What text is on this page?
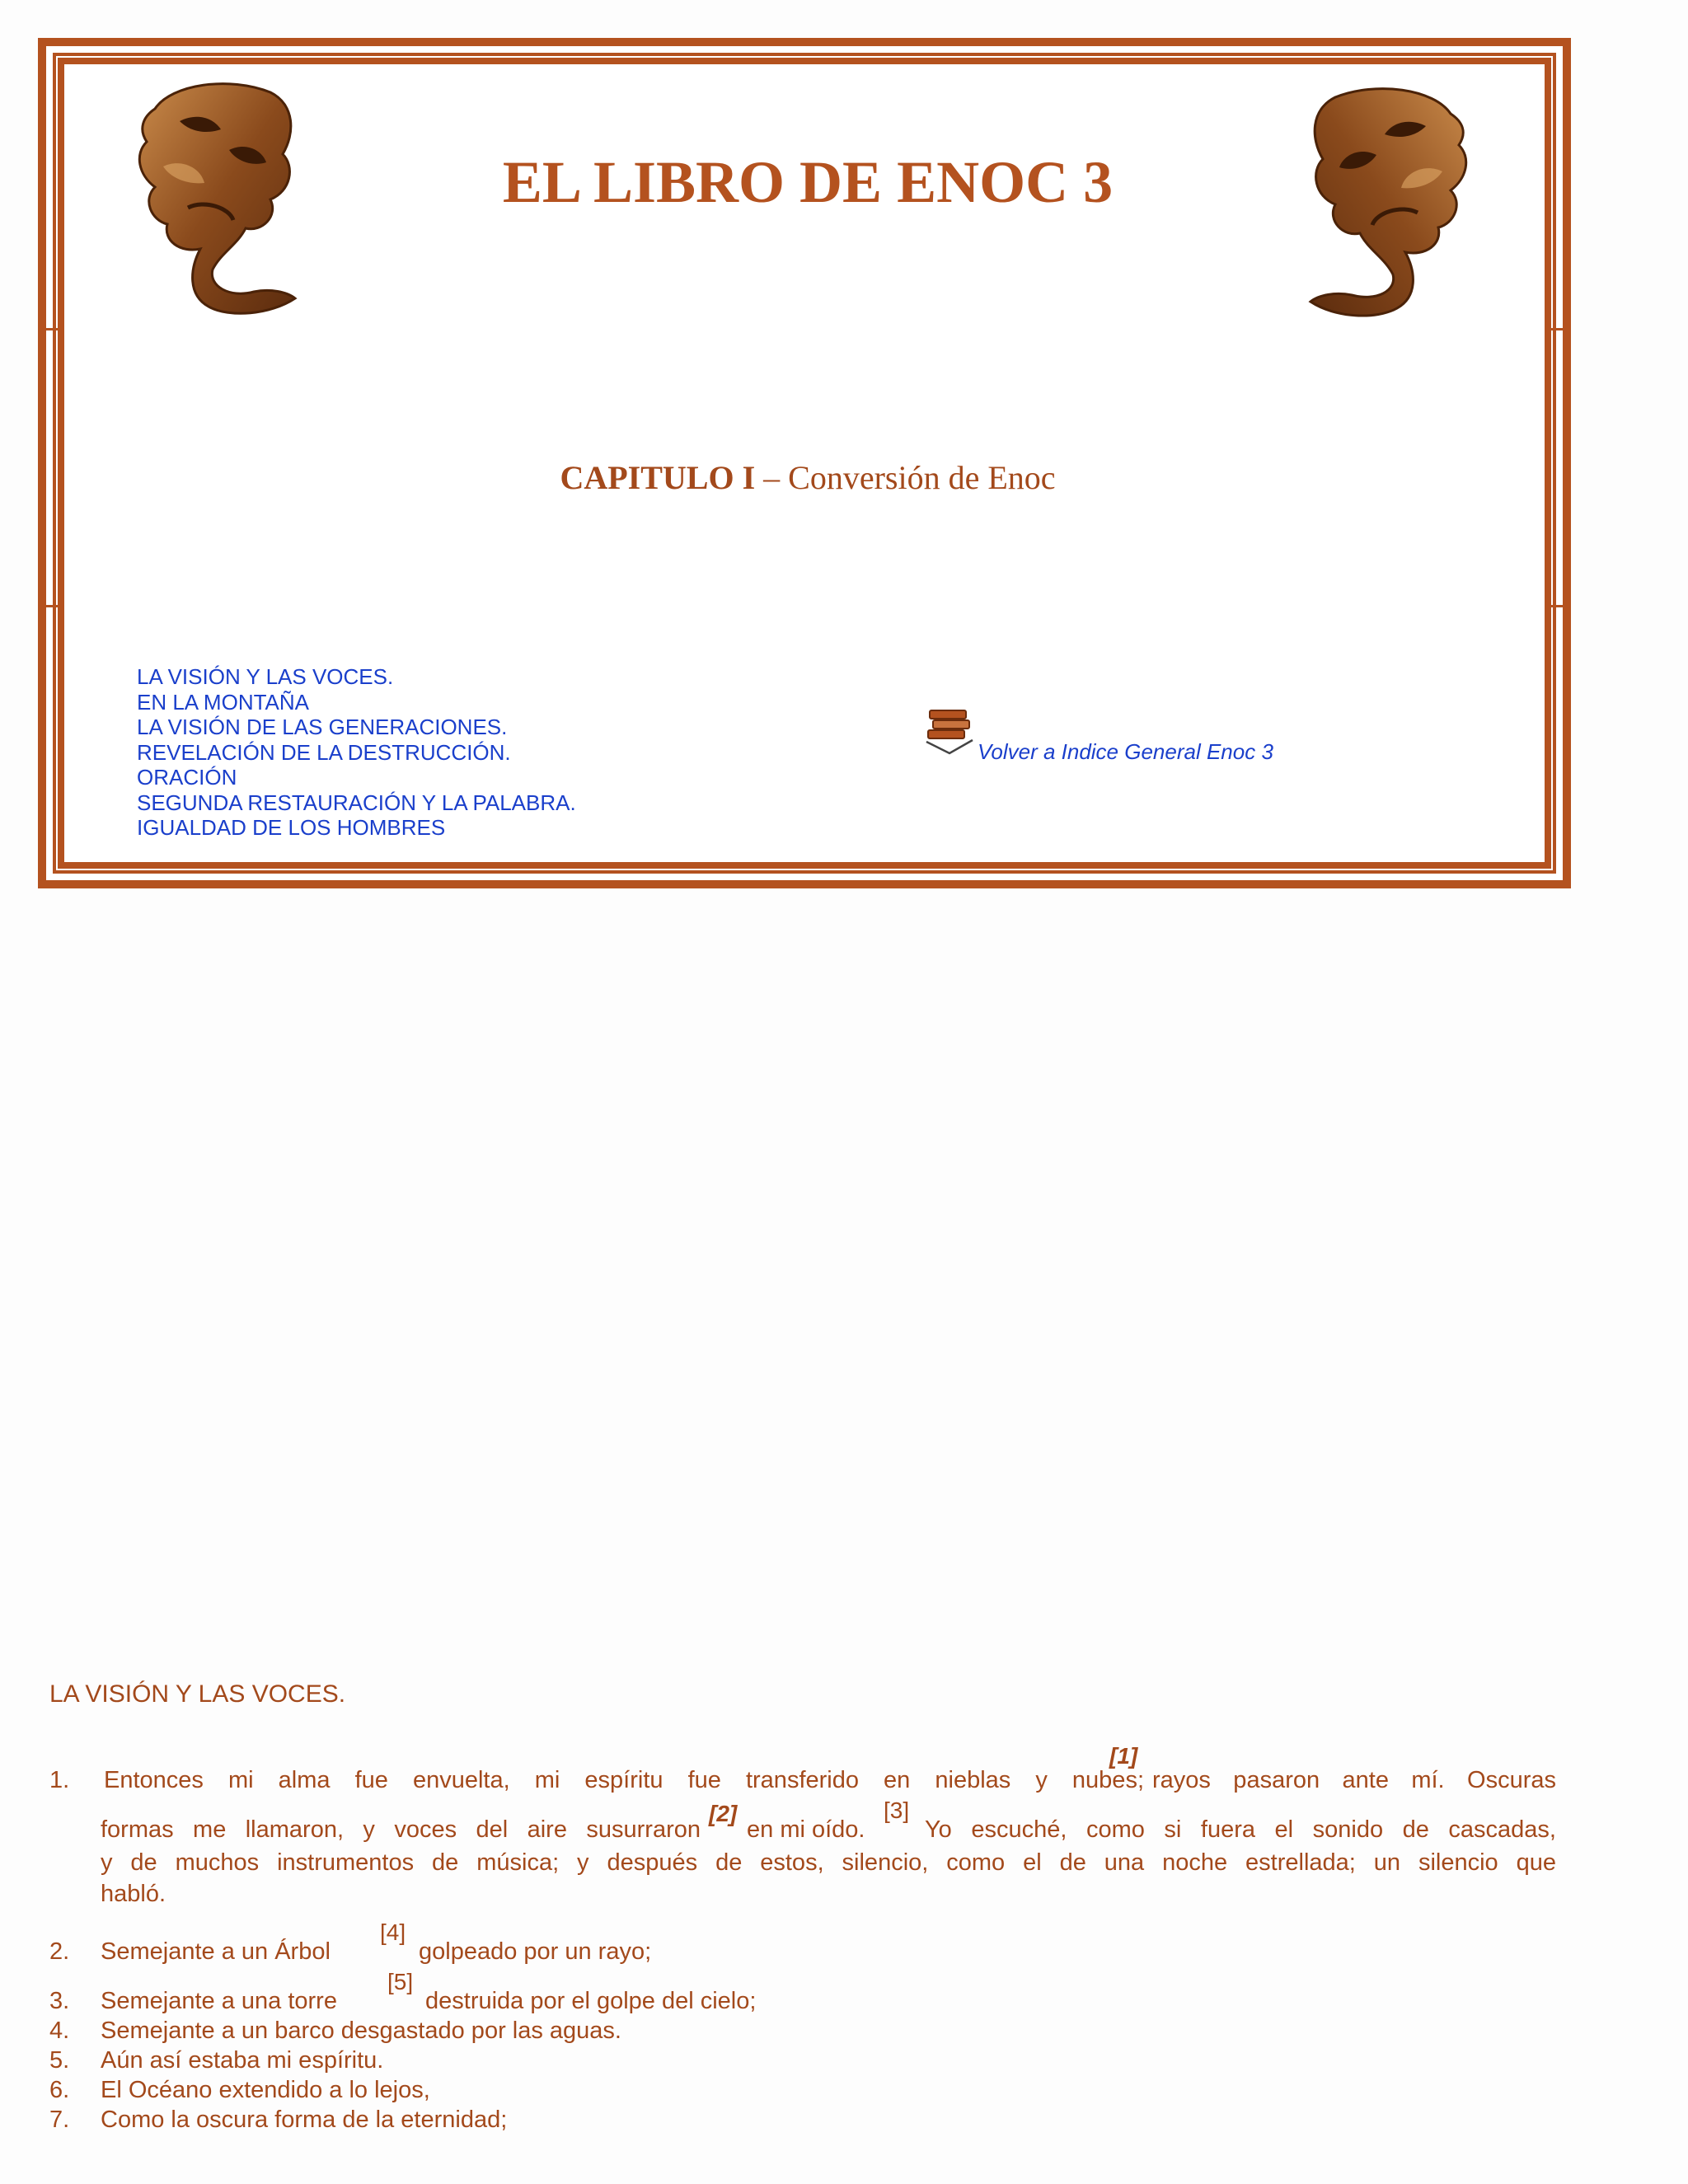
EL LIBRO DE ENOC 3
CAPITULO I – Conversión de Enoc
LA VISIÓN Y LAS VOCES.
EN LA MONTAÑA
LA VISIÓN DE LAS GENERACIONES.
REVELACIÓN DE LA DESTRUCCIÓN.
ORACIÓN
SEGUNDA RESTAURACIÓN Y LA PALABRA.
IGUALDAD DE LOS HOMBRES
Volver a Indice General Enoc 3
LA VISIÓN Y LAS VOCES.
1. Entonces mi alma fue envuelta, mi espíritu fue transferido en nieblas y nubes;
[1]
rayos pasaron ante mí. Oscuras
formas me llamaron, y voces del aire susurraron
[2]
en mi oído.
[3]
Yo escuché, como si fuera el sonido de cascadas,
y de muchos instrumentos de música; y después de estos, silencio, como el de una noche estrellada; un silencio que
habló.
2. Semejante a un Árbol
[4]
golpeado por un rayo;
3. Semejante a una torre
[5]
destruida por el golpe del cielo;
4. Semejante a un barco desgastado por las aguas.
5. Aún así estaba mi espíritu.
6. El Océano extendido a lo lejos,
7. Como la oscura forma de la eternidad;
